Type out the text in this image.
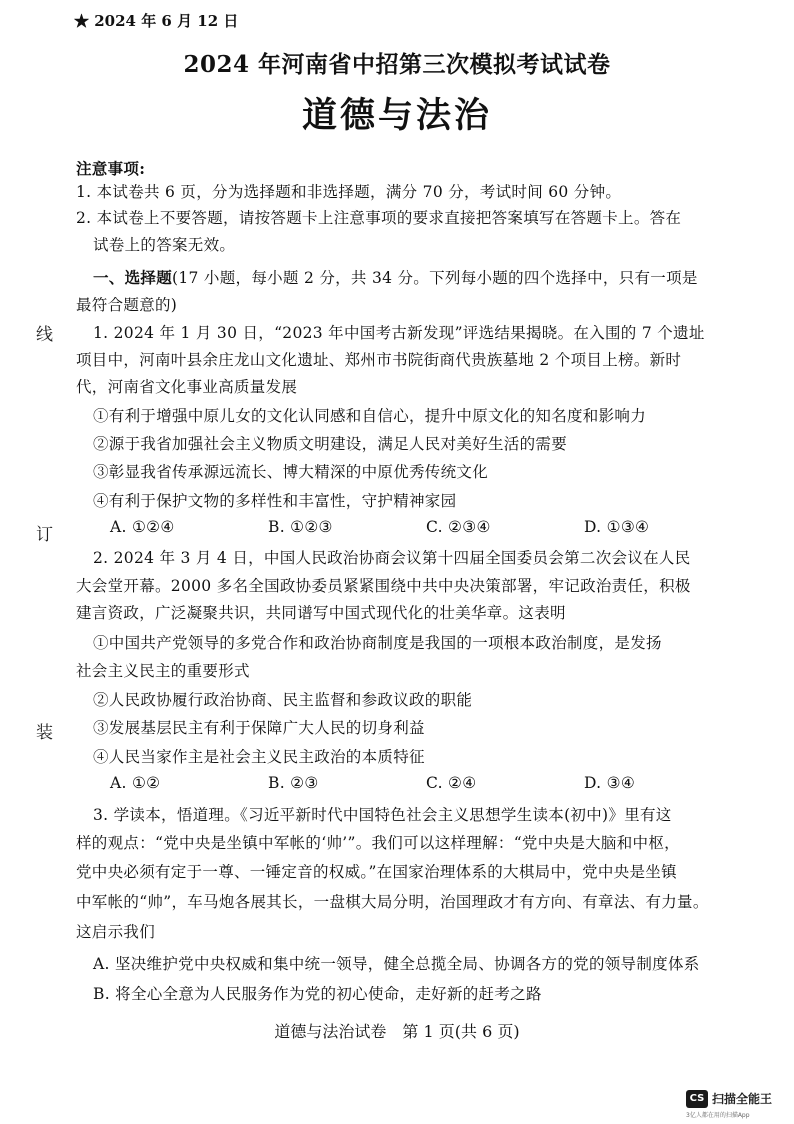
★ 2024 年 6 月 12 日
2024 年河南省中招第三次模拟考试试卷
道德与法治
线
订
装
注意事项:
1. 本试卷共 6 页，分为选择题和非选择题，满分 70 分，考试时间 60 分钟。
2. 本试卷上不要答题，请按答题卡上注意事项的要求直接把答案填写在答题卡上。答在
试卷上的答案无效。
一、选择题(17 小题，每小题 2 分，共 34 分。下列每小题的四个选择中，只有一项是
最符合题意的)
1. 2024 年 1 月 30 日，“2023 年中国考古新发现”评选结果揭晓。在入围的 7 个遗址
项目中，河南叶县余庄龙山文化遗址、郑州市书院街商代贵族墓地 2 个项目上榜。新时
代，河南省文化事业高质量发展
①有利于增强中原儿女的文化认同感和自信心，提升中原文化的知名度和影响力
②源于我省加强社会主义物质文明建设，满足人民对美好生活的需要
③彰显我省传承源远流长、博大精深的中原优秀传统文化
④有利于保护文物的多样性和丰富性，守护精神家园
A. ①②④	B. ①②③	C. ②③④	D. ①③④
2. 2024 年 3 月 4 日，中国人民政治协商会议第十四届全国委员会第二次会议在人民
大会堂开幕。2000 多名全国政协委员紧紧围绕中共中央决策部署，牢记政治责任，积极
建言资政，广泛凝聚共识，共同谱写中国式现代化的壮美华章。这表明
①中国共产党领导的多党合作和政治协商制度是我国的一项根本政治制度，是发扬
社会主义民主的重要形式
②人民政协履行政治协商、民主监督和参政议政的职能
③发展基层民主有利于保障广大人民的切身利益
④人民当家作主是社会主义民主政治的本质特征
A. ①②	B. ②③	C. ②④	D. ③④
3. 学读本，悟道理。《习近平新时代中国特色社会主义思想学生读本(初中)》里有这
样的观点：“党中央是坐镇中军帐的‘帅’”。我们可以这样理解：“党中央是大脑和中枢，
党中央必须有定于一尊、一锤定音的权威。”在国家治理体系的大棋局中，党中央是坐镇
中军帐的“帅”，车马炮各展其长，一盘棋大局分明，治国理政才有方向、有章法、有力量。
这启示我们
A. 坚决维护党中央权威和集中统一领导，健全总揽全局、协调各方的党的领导制度体系
B. 将全心全意为人民服务作为党的初心使命，走好新的赶考之路
道德与法治试卷　第 1 页(共 6 页)
CS 扫描全能王
3亿人都在用的扫描App
